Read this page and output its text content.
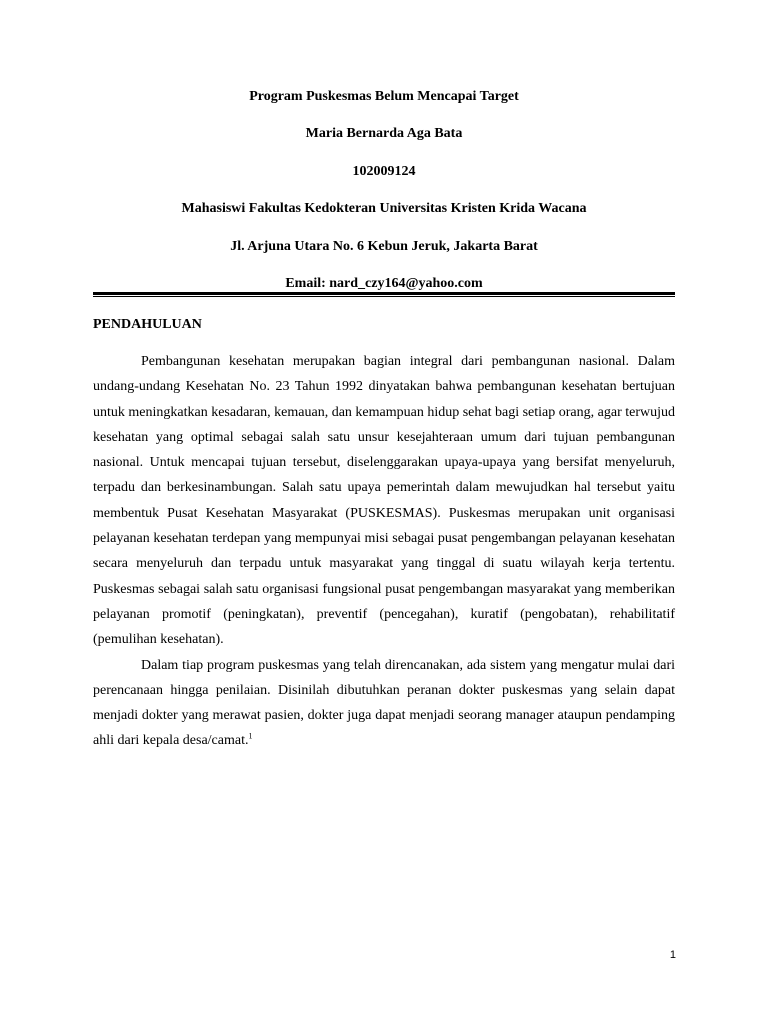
Program Puskesmas Belum Mencapai Target
Maria Bernarda Aga Bata
102009124
Mahasiswi Fakultas Kedokteran Universitas Kristen Krida Wacana
Jl. Arjuna Utara No. 6 Kebun Jeruk, Jakarta Barat
Email: nard_czy164@yahoo.com
PENDAHULUAN

Pembangunan kesehatan merupakan bagian integral dari pembangunan nasional. Dalam undang-undang Kesehatan No. 23 Tahun 1992 dinyatakan bahwa pembangunan kesehatan bertujuan untuk meningkatkan kesadaran, kemauan, dan kemampuan hidup sehat bagi setiap orang, agar terwujud kesehatan yang optimal sebagai salah satu unsur kesejahteraan umum dari tujuan pembangunan nasional. Untuk mencapai tujuan tersebut, diselenggarakan upaya-upaya yang bersifat menyeluruh, terpadu dan berkesinambungan. Salah satu upaya pemerintah dalam mewujudkan hal tersebut yaitu membentuk Pusat Kesehatan Masyarakat (PUSKESMAS). Puskesmas merupakan unit organisasi pelayanan kesehatan terdepan yang mempunyai misi sebagai pusat pengembangan pelayanan kesehatan secara menyeluruh dan terpadu untuk masyarakat yang tinggal di suatu wilayah kerja tertentu. Puskesmas sebagai salah satu organisasi fungsional pusat pengembangan masyarakat yang memberikan pelayanan promotif (peningkatan), preventif (pencegahan), kuratif (pengobatan), rehabilitatif (pemulihan kesehatan).

Dalam tiap program puskesmas yang telah direncanakan, ada sistem yang mengatur mulai dari perencanaan hingga penilaian. Disinilah dibutuhkan peranan dokter puskesmas yang selain dapat menjadi dokter yang merawat pasien, dokter juga dapat menjadi seorang manager ataupun pendamping ahli dari kepala desa/camat.$^1$

1
